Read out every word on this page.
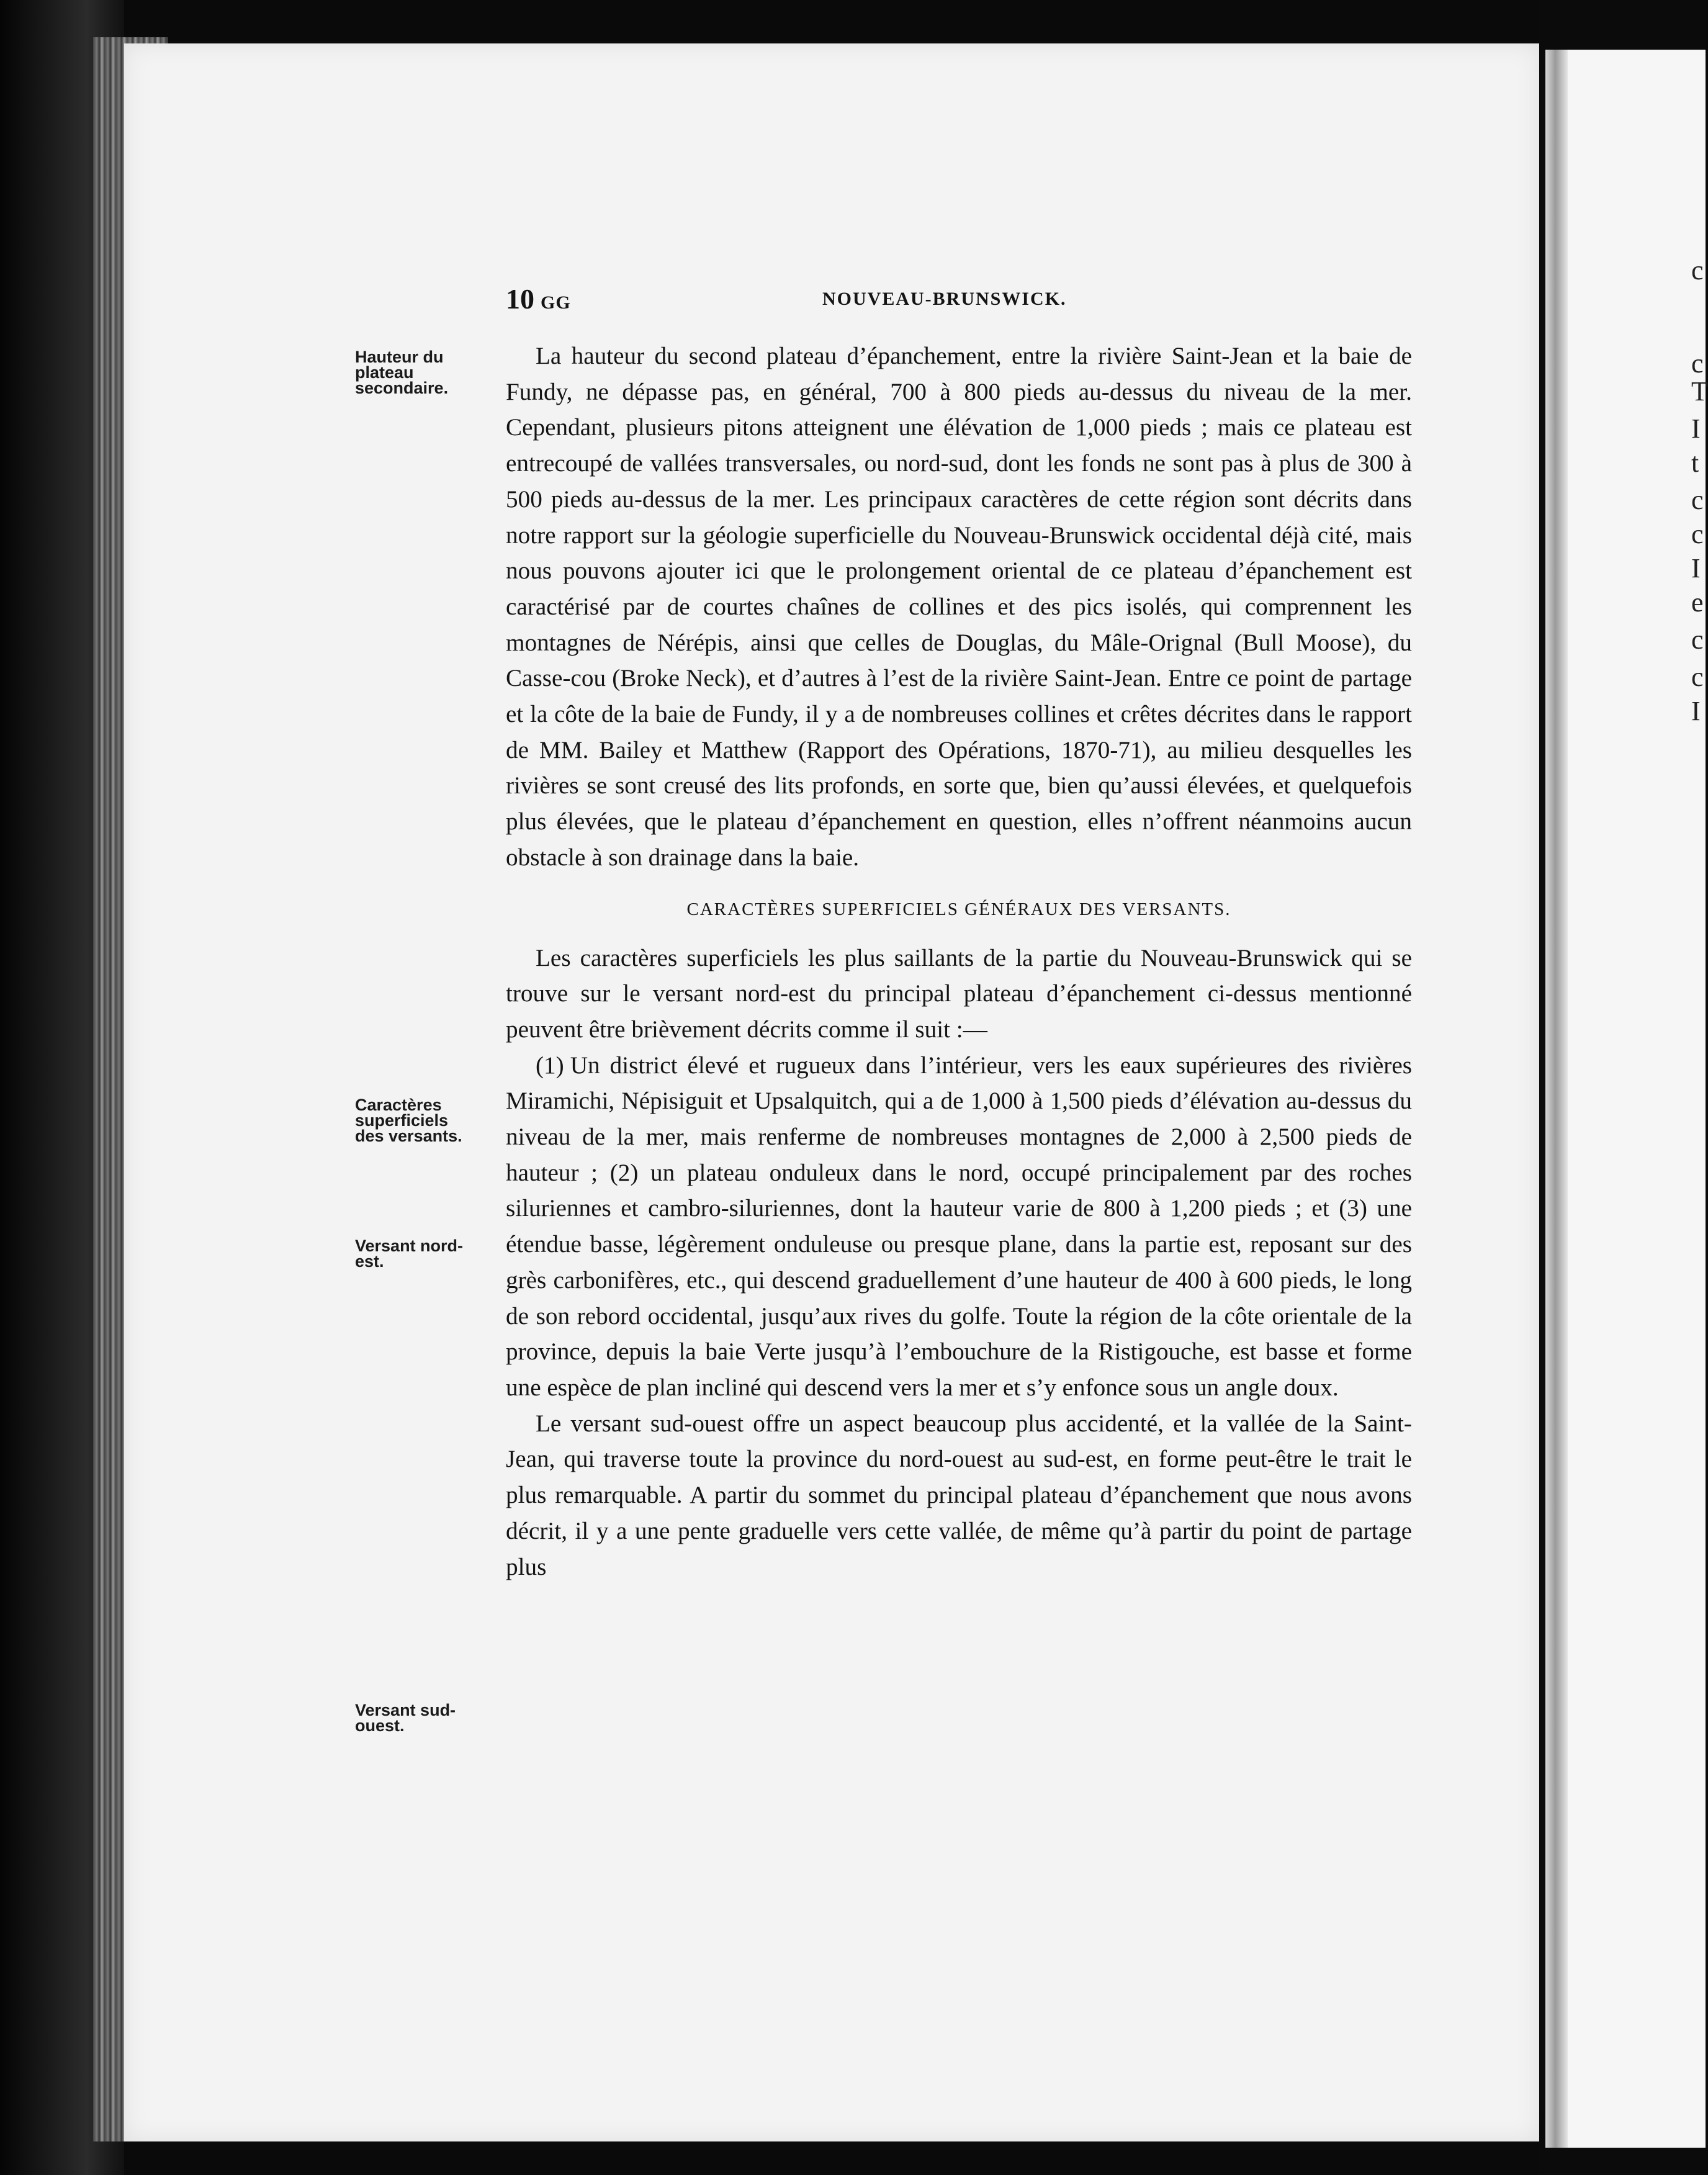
c
c
T
I
t
c
c
I
e
c
c
I
10 GG	NOUVEAU-BRUNSWICK.
Hauteur du
plateau
secondaire.
Caractères
superficiels
des versants.
Versant nord-
est.
Versant sud-
ouest.

La hauteur du second plateau d’épanchement, entre la rivière Saint-Jean et la baie de Fundy, ne dépasse pas, en général, 700 à 800 pieds au-dessus du niveau de la mer. Cependant, plusieurs pitons atteignent une élévation de 1,000 pieds ; mais ce plateau est entrecoupé de vallées transversales, ou nord-sud, dont les fonds ne sont pas à plus de 300 à 500 pieds au-dessus de la mer. Les principaux caractères de cette région sont décrits dans notre rapport sur la géologie superficielle du Nouveau-Brunswick occidental déjà cité, mais nous pouvons ajouter ici que le prolongement oriental de ce plateau d’épanchement est caractérisé par de courtes chaînes de collines et des pics isolés, qui comprennent les montagnes de Nérépis, ainsi que celles de Douglas, du Mâle-Orignal (Bull Moose), du Casse-cou (Broke Neck), et d’autres à l’est de la rivière Saint-Jean. Entre ce point de partage et la côte de la baie de Fundy, il y a de nombreuses collines et crêtes décrites dans le rapport de MM. Bailey et Matthew (Rapport des Opérations, 1870-71), au milieu desquelles les rivières se sont creusé des lits profonds, en sorte que, bien qu’aussi élevées, et quelquefois plus élevées, que le plateau d’épanchement en question, elles n’offrent néanmoins aucun obstacle à son drainage dans la baie.

CARACTÈRES SUPERFICIELS GÉNÉRAUX DES VERSANTS.

Les caractères superficiels les plus saillants de la partie du Nouveau-Brunswick qui se trouve sur le versant nord-est du principal plateau d’épanchement ci-dessus mentionné peuvent être brièvement décrits comme il suit :—

(1) Un district élevé et rugueux dans l’intérieur, vers les eaux supérieures des rivières Miramichi, Népisiguit et Upsalquitch, qui a de 1,000 à 1,500 pieds d’élévation au-dessus du niveau de la mer, mais renferme de nombreuses montagnes de 2,000 à 2,500 pieds de hauteur ; (2) un plateau onduleux dans le nord, occupé principalement par des roches siluriennes et cambro-siluriennes, dont la hauteur varie de 800 à 1,200 pieds ; et (3) une étendue basse, légèrement onduleuse ou presque plane, dans la partie est, reposant sur des grès carbonifères, etc., qui descend graduellement d’une hauteur de 400 à 600 pieds, le long de son rebord occidental, jusqu’aux rives du golfe. Toute la région de la côte orientale de la province, depuis la baie Verte jusqu’à l’embouchure de la Ristigouche, est basse et forme une espèce de plan incliné qui descend vers la mer et s’y enfonce sous un angle doux.

Le versant sud-ouest offre un aspect beaucoup plus accidenté, et la vallée de la Saint-Jean, qui traverse toute la province du nord-ouest au sud-est, en forme peut-être le trait le plus remarquable. A partir du sommet du principal plateau d’épanchement que nous avons décrit, il y a une pente graduelle vers cette vallée, de même qu’à partir du point de partage plus
